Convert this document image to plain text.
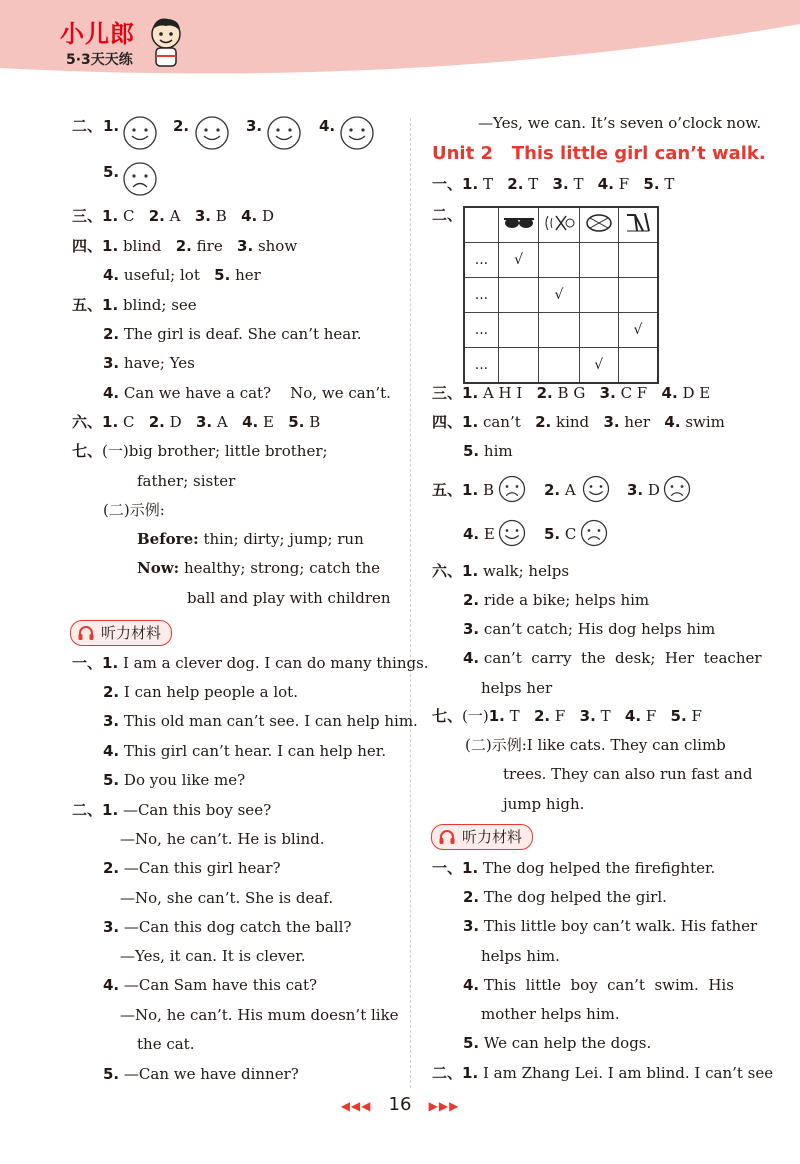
小儿郎
5·3天天练
二、 1.	2.	3.	4.
5.
三、1. C 2. A 3. B 4. D
四、1. blind 2. fire 3. show
4. useful; lot 5. her
五、1. blind; see
2. The girl is deaf. She can’t hear.
3. have; Yes
4. Can we have a cat?    No, we can’t.
六、1. C 2. D 3. A 4. E 5. B
七、(一)big brother; little brother;
father; sister
(二)示例:
Before: thin; dirty; jump; run
Now: healthy; strong; catch the
ball and play with children
听力材料
一、1. I am a clever dog. I can do many things.
2. I can help people a lot.
3. This old man can’t see. I can help him.
4. This girl can’t hear. I can help her.
5. Do you like me?
二、1. —Can this boy see?
—No, he can’t. He is blind.
2. —Can this girl hear?
—No, she can’t. She is deaf.
3. —Can this dog catch the ball?
—Yes, it can. It is clever.
4. —Can Sam have this cat?
—No, he can’t. His mum doesn’t like
the cat.
5. —Can we have dinner?
—Yes, we can. It’s seven o’clock now.
Unit 2   This little girl can’t walk.
一、1. T 2. T 3. T 4. F 5. T
二、

...	√			
...		√		
...				√
...			√	
三、1. A H I 2. B G 3. C F 4. D E
四、1. can’t 2. kind 3. her 4. swim
5. him
五、1. B	2. A	3. D
4. E	5. C
六、1. walk; helps
2. ride a bike; helps him
3. can’t catch; His dog helps him
4. can’t  carry  the  desk;  Her  teacher
helps her
七、(一)1. T 2. F 3. T 4. F 5. F
(二)示例:I like cats. They can climb
trees. They can also run fast and
jump high.
听力材料
一、1. The dog helped the firefighter.
2. The dog helped the girl.
3. This little boy can’t walk. His father
helps him.
4. This  little  boy  can’t  swim.  His
mother helps him.
5. We can help the dogs.
二、1. I am Zhang Lei. I am blind. I can’t see
◀◀◀ 16 ▶▶▶
